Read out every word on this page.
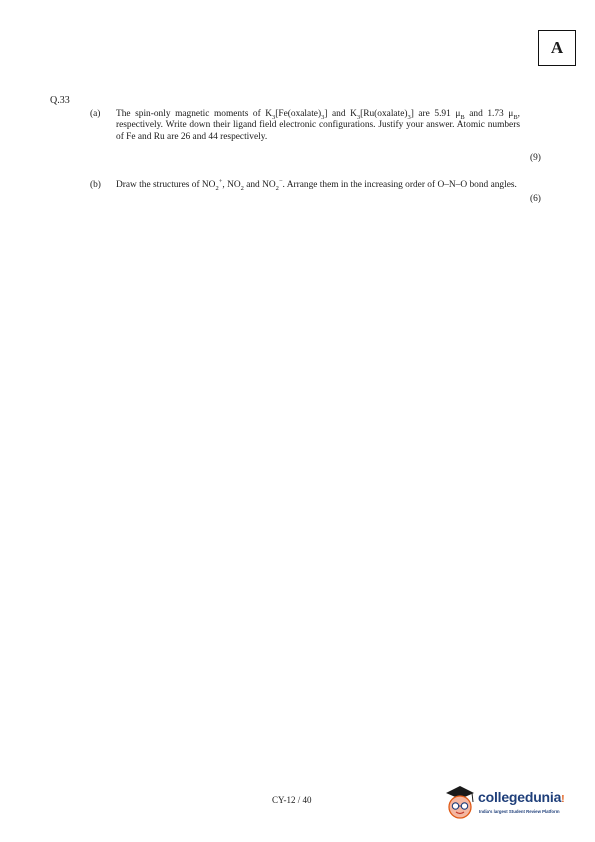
A
Q.33
(a) The spin-only magnetic moments of $K_3[Fe(oxalate)_3]$ and $K_3[Ru(oxalate)_3]$ are 5.91 $\mu_B$ and 1.73 $\mu_B$, respectively. Write down their ligand field electronic configurations. Justify your answer. Atomic numbers of Fe and Ru are 26 and 44 respectively.
(9)
(b) Draw the structures of $NO_2^+$, $NO_2$ and $NO_2^-$. Arrange them in the increasing order of O–N–O bond angles.
(6)
CY-12 / 40	collegedunia!
India's largest Student Review Platform
